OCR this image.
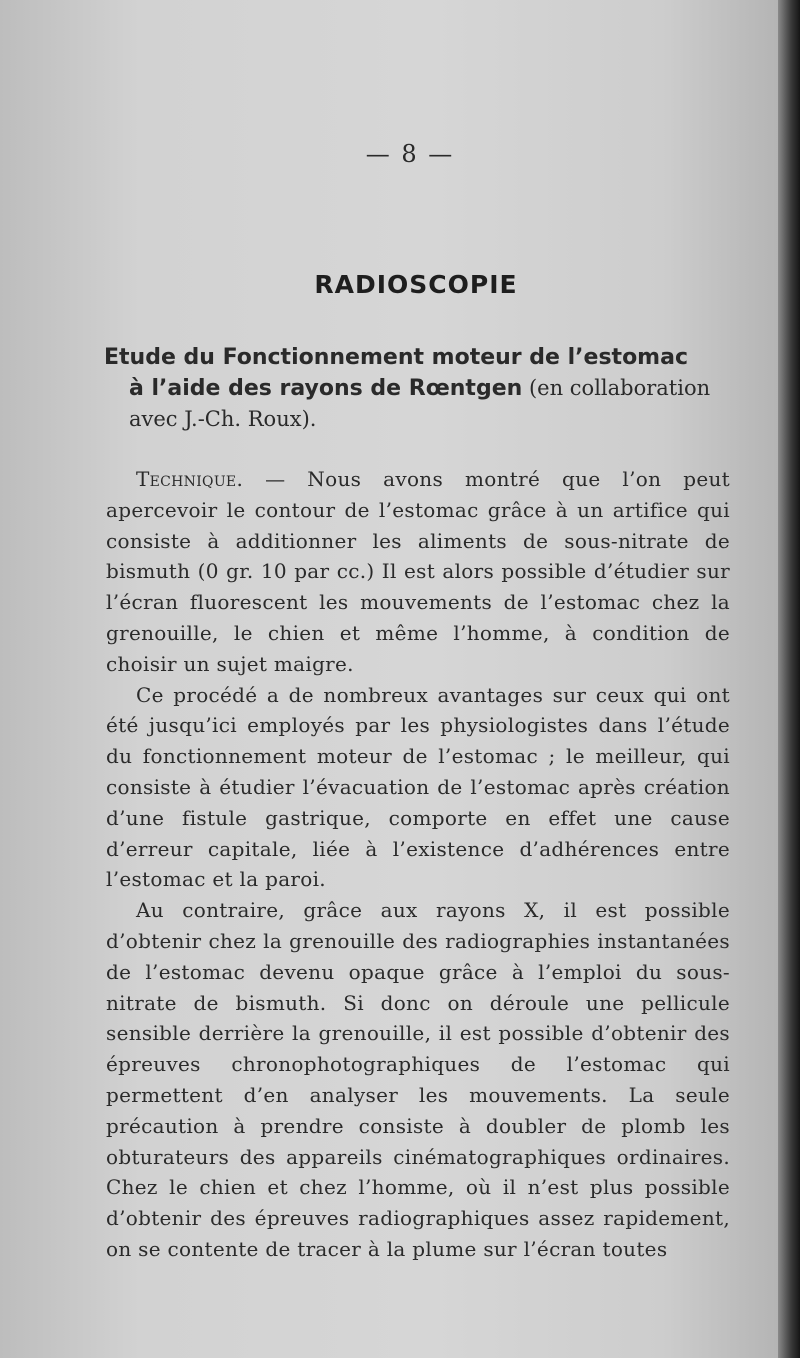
— 8 —
RADIOSCOPIE

Etude du Fonctionnement moteur de l’estomac

à l’aide des rayons de Rœntgen (en collaboration avec J.-Ch. Roux).

Technique. — Nous avons montré que l’on peut apercevoir le contour de l’estomac grâce à un artifice qui consiste à additionner les aliments de sous-nitrate de bismuth (0 gr. 10 par cc.) Il est alors possible d’étudier sur l’écran fluorescent les mouvements de l’estomac chez la grenouille, le chien et même l’homme, à condition de choisir un sujet maigre.

Ce procédé a de nombreux avantages sur ceux qui ont été jusqu’ici employés par les physiologistes dans l’étude du fonctionnement moteur de l’estomac ; le meilleur, qui consiste à étudier l’évacuation de l’estomac après création d’une fistule gastrique, comporte en effet une cause d’erreur capitale, liée à l’existence d’adhérences entre l’estomac et la paroi.

Au contraire, grâce aux rayons X, il est possible d’obtenir chez la grenouille des radiographies instantanées de l’estomac devenu opaque grâce à l’emploi du sous-nitrate de bismuth. Si donc on déroule une pellicule sensible derrière la grenouille, il est possible d’obtenir des épreuves chronophotographiques de l’estomac qui permettent d’en analyser les mouvements. La seule précaution à prendre consiste à doubler de plomb les obturateurs des appareils cinématographiques ordinaires. Chez le chien et chez l’homme, où il n’est plus possible d’obtenir des épreuves radiographiques assez rapidement, on se contente de tracer à la plume sur l’écran toutes
